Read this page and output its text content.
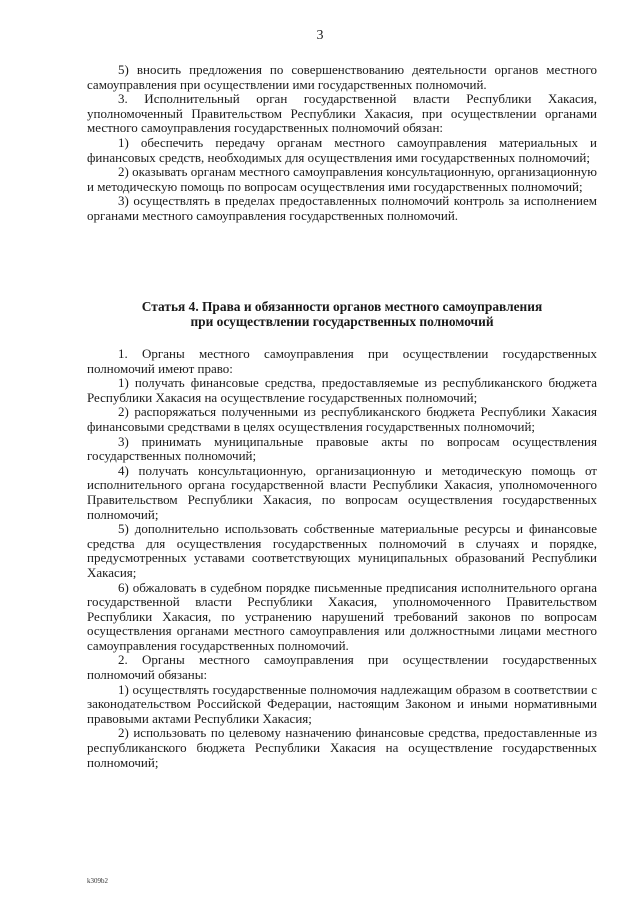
3

5) вносить предложения по совершенствованию деятельности органов местного самоуправления при осуществлении ими государственных полномочий.

3. Исполнительный орган государственной власти Республики Хакасия, уполномоченный Правительством Республики Хакасия, при осуществлении органами местного самоуправления государственных полномочий обязан:

1) обеспечить передачу органам местного самоуправления материальных и финансовых средств, необходимых для осуществления ими государственных полномочий;

2) оказывать органам местного самоуправления консультационную, организационную и методическую помощь по вопросам осуществления ими государственных полномочий;

3) осуществлять в пределах предоставленных полномочий контроль за исполнением органами местного самоуправления государственных полномочий.

Статья 4. Права и обязанности органов местного самоуправления
при осуществлении государственных полномочий

1. Органы местного самоуправления при осуществлении государственных полномочий имеют право:

1) получать финансовые средства, предоставляемые из республиканского бюджета Республики Хакасия на осуществление государственных полномочий;

2) распоряжаться полученными из республиканского бюджета Республики Хакасия финансовыми средствами в целях осуществления государственных полномочий;

3) принимать муниципальные правовые акты по вопросам осуществления государственных полномочий;

4) получать консультационную, организационную и методическую помощь от исполнительного органа государственной власти Республики Хакасия, уполномоченного Правительством Республики Хакасия, по вопросам осуществления государственных полномочий;

5) дополнительно использовать собственные материальные ресурсы и финансовые средства для осуществления государственных полномочий в случаях и порядке, предусмотренных уставами соответствующих муниципальных образований Республики Хакасия;

6) обжаловать в судебном порядке письменные предписания исполнительного органа государственной власти Республики Хакасия, уполномоченного Правительством Республики Хакасия, по устранению нарушений требований законов по вопросам осуществления органами местного самоуправления или должностными лицами местного самоуправления государственных полномочий.

2. Органы местного самоуправления при осуществлении государственных полномочий обязаны:

1) осуществлять государственные полномочия надлежащим образом в соответствии с законодательством Российской Федерации, настоящим Законом и иными нормативными правовыми актами Республики Хакасия;

2) использовать по целевому назначению финансовые средства, предоставленные из республиканского бюджета Республики Хакасия на осуществление государственных полномочий;

k309b2
